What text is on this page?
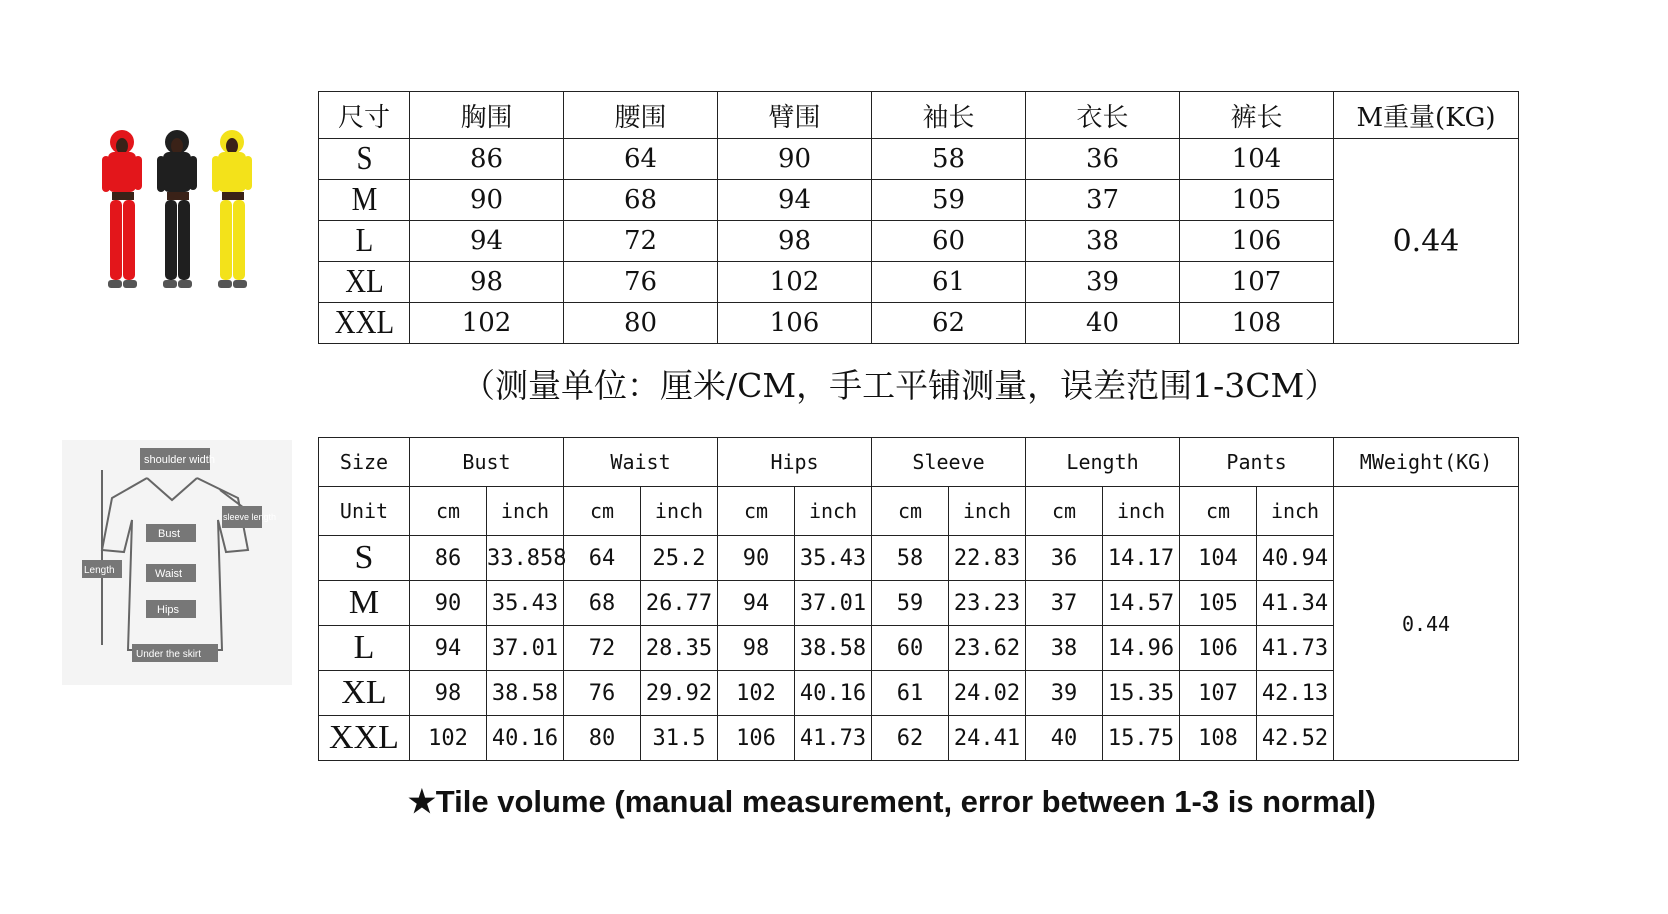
尺寸	胸围	腰围	臂围	袖长	衣长	裤长	M重量(KG)
S	86	64	90	58	36	104	0.44
M	90	68	94	59	37	105	
L	94	72	98	60	38	106	
XL	98	76	102	61	39	107	
XXL	102	80	106	62	40	108	
（测量单位：厘米/CM，手工平铺测量，误差范围1-3CM）
shoulder width
sleeve length
Bust
Waist
Hips
Length
Under the skirt
Size	Bust		Waist		Hips		Sleeve		Length		Pants		MWeight(KG)
Unit	cm	inch	cm	inch	cm	inch	cm	inch	cm	inch	cm	inch	0.44
S	86	33.858	64	25.2	90	35.43	58	22.83	36	14.17	104	40.94	
M	90	35.43	68	26.77	94	37.01	59	23.23	37	14.57	105	41.34	
L	94	37.01	72	28.35	98	38.58	60	23.62	38	14.96	106	41.73	
XL	98	38.58	76	29.92	102	40.16	61	24.02	39	15.35	107	42.13	
XXL	102	40.16	80	31.5	106	41.73	62	24.41	40	15.75	108	42.52	
★Tile volume (manual measurement, error between 1-3 is normal)
